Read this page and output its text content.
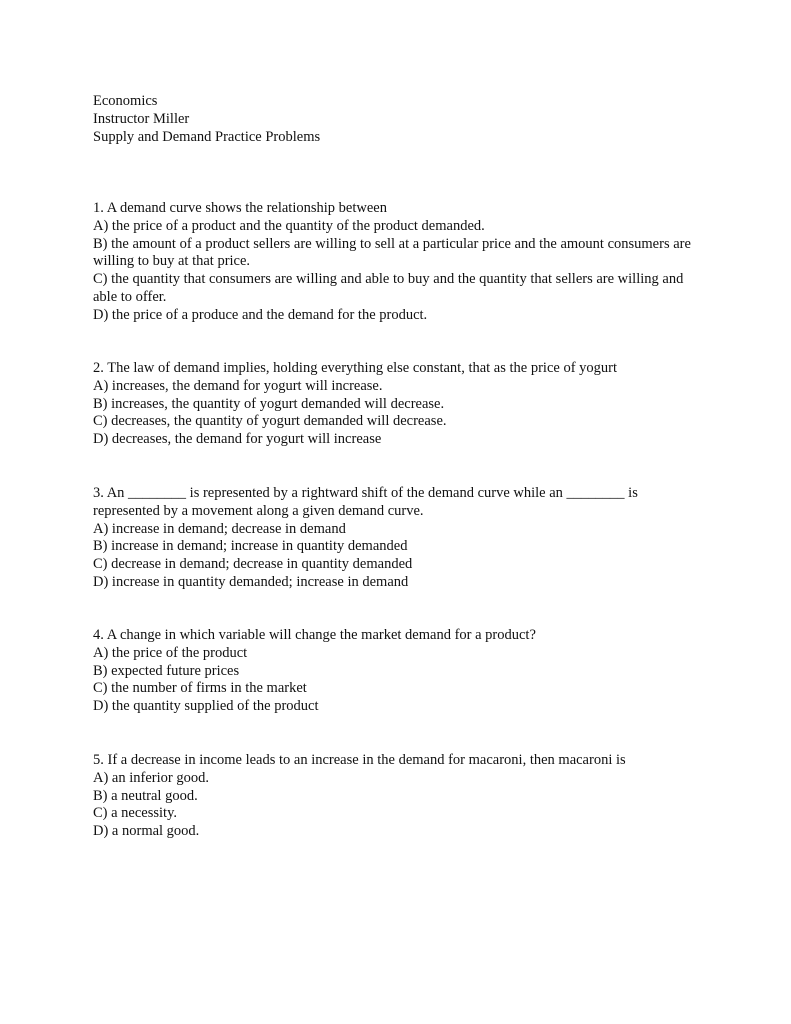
Economics

Instructor Miller

Supply and Demand Practice Problems

1. A demand curve shows the relationship between

A) the price of a product and the quantity of the product demanded.

B) the amount of a product sellers are willing to sell at a particular price and the amount consumers are willing to buy at that price.

C) the quantity that consumers are willing and able to buy and the quantity that sellers are willing and able to offer.

D) the price of a produce and the demand for the product.

2. The law of demand implies, holding everything else constant, that as the price of yogurt

A) increases, the demand for yogurt will increase.

B) increases, the quantity of yogurt demanded will decrease.

C) decreases, the quantity of yogurt demanded will decrease.

D) decreases, the demand for yogurt will increase

3. An ________ is represented by a rightward shift of the demand curve while an ________ is represented by a movement along a given demand curve.

A) increase in demand; decrease in demand

B) increase in demand; increase in quantity demanded

C) decrease in demand; decrease in quantity demanded

D) increase in quantity demanded; increase in demand

4. A change in which variable will change the market demand for a product?

A) the price of the product

B) expected future prices

C) the number of firms in the market

D) the quantity supplied of the product

5. If a decrease in income leads to an increase in the demand for macaroni, then macaroni is

A) an inferior good.

B) a neutral good.

C) a necessity.

D) a normal good.
